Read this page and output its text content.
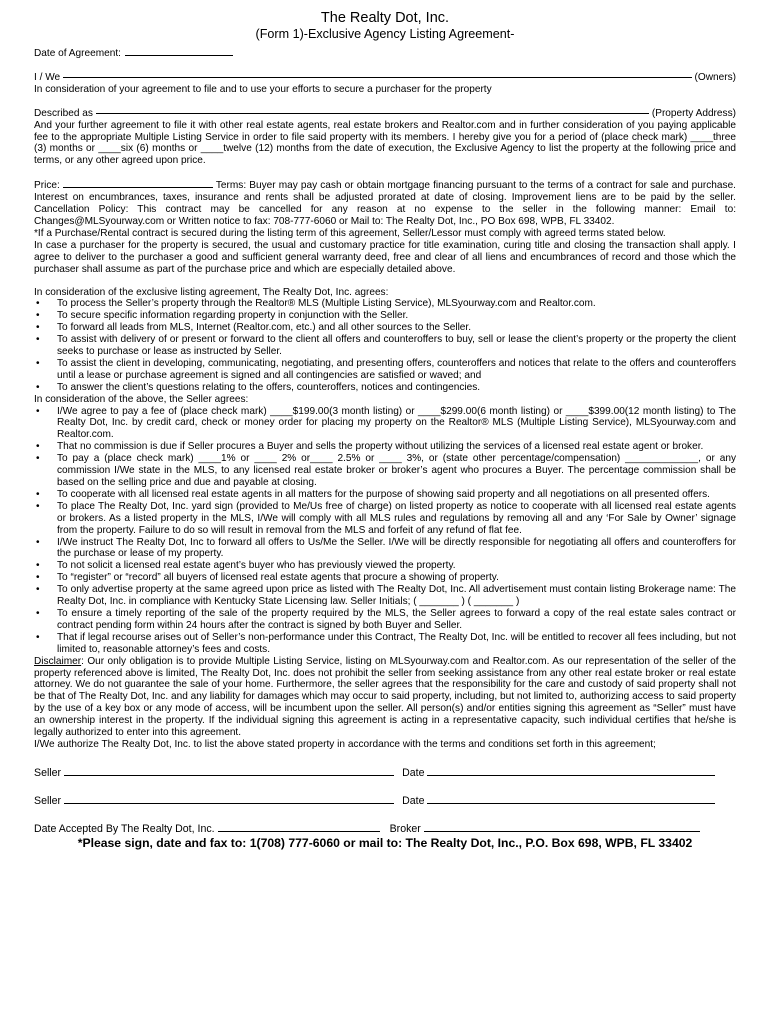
The Realty Dot, Inc.
(Form 1)-Exclusive Agency Listing Agreement-
Date of Agreement:
I / We	(Owners)

In consideration of your agreement to file and to use your efforts to secure a purchaser for the property

Described as	(Property Address)

And your further agreement to file it with other real estate agents, real estate brokers and Realtor.com and in further consideration of you paying applicable fee to the appropriate Multiple Listing Service in order to file said property with its members. I hereby give you for a period of (place check mark) ____three (3) months or ____six (6) months or ____twelve (12) months from the date of execution, the Exclusive Agency to list the property at the following price and terms, or any other agreed upon price.

Price:	Terms: Buyer may pay cash or obtain mortgage financing pursuant to the terms of a contract for sale and purchase. Interest on encumbrances, taxes, insurance and rents shall be adjusted prorated at date of closing. Improvement liens are to be paid by the seller. Cancellation Policy: This contract may be cancelled for any reason at no expense to the seller in the following manner: Email to: Changes@MLSyourway.com or Written notice to fax: 708-777-6060 or Mail to: The Realty Dot, Inc., PO Box 698, WPB, FL 33402.

*If a Purchase/Rental contract is secured during the listing term of this agreement, Seller/Lessor must comply with agreed terms stated below.

In case a purchaser for the property is secured, the usual and customary practice for title examination, curing title and closing the transaction shall apply. I agree to deliver to the purchaser a good and sufficient general warranty deed, free and clear of all liens and encumbrances of record and those which the purchaser shall assume as part of the purchase price and which are especially detailed above.

In consideration of the exclusive listing agreement, The Realty Dot, Inc. agrees:

• To process the Seller’s property through the Realtor® MLS (Multiple Listing Service), MLSyourway.com and Realtor.com.
• To secure specific information regarding property in conjunction with the Seller.
• To forward all leads from MLS, Internet (Realtor.com, etc.) and all other sources to the Seller.
• To assist with delivery of or present or forward to the client all offers and counteroffers to buy, sell or lease the client’s property or the property the client seeks to purchase or lease as instructed by Seller.
• To assist the client in developing, communicating, negotiating, and presenting offers, counteroffers and notices that relate to the offers and counteroffers until a lease or purchase agreement is signed and all contingencies are satisfied or waved; and
• To answer the client’s questions relating to the offers, counteroffers, notices and contingencies.

In consideration of the above, the Seller agrees:

• I/We agree to pay a fee of (place check mark) ____$199.00(3 month listing) or ____$299.00(6 month listing) or ____$399.00(12 month listing) to The Realty Dot, Inc. by credit card, check or money order for placing my property on the Realtor® MLS (Multiple Listing Service), MLSyourway.com and Realtor.com.
• That no commission is due if Seller procures a Buyer and sells the property without utilizing the services of a licensed real estate agent or broker.
• To pay a (place check mark) ____1% or ____ 2% or____ 2.5% or ____ 3%, or (state other percentage/compensation) _____________, or any commission I/We state in the MLS, to any licensed real estate broker or broker’s agent who procures a Buyer. The percentage commission shall be based on the selling price and due and payable at closing.
• To cooperate with all licensed real estate agents in all matters for the purpose of showing said property and all negotiations on all presented offers.
• To place The Realty Dot, Inc. yard sign (provided to Me/Us free of charge) on listed property as notice to cooperate with all licensed real estate agents or brokers. As a listed property in the MLS, I/We will comply with all MLS rules and regulations by removing all and any ‘For Sale by Owner’ signage from the property. Failure to do so will result in removal from the MLS and forfeit of any refund of flat fee.
• I/We instruct The Realty Dot, Inc to forward all offers to Us/Me the Seller. I/We will be directly responsible for negotiating all offers and counteroffers for the purchase or lease of my property.
• To not solicit a licensed real estate agent’s buyer who has previously viewed the property.
• To “register” or “record” all buyers of licensed real estate agents that procure a showing of property.
• To only advertise property at the same agreed upon price as listed with The Realty Dot, Inc. All advertisement must contain listing Brokerage name: The Realty Dot, Inc. in compliance with Kentucky State Licensing law. Seller Initials; ( _______ ) ( _______ )
• To ensure a timely reporting of the sale of the property required by the MLS, the Seller agrees to forward a copy of the real estate sales contract or contract pending form within 24 hours after the contract is signed by both Buyer and Seller.
• That if legal recourse arises out of Seller’s non-performance under this Contract, The Realty Dot, Inc. will be entitled to recover all fees including, but not limited to, reasonable attorney’s fees and costs.

Disclaimer: Our only obligation is to provide Multiple Listing Service, listing on MLSyourway.com and Realtor.com. As our representation of the seller of the property referenced above is limited, The Realty Dot, Inc. does not prohibit the seller from seeking assistance from any other real estate broker or real estate attorney. We do not guarantee the sale of your home. Furthermore, the seller agrees that the responsibility for the care and custody of said property shall not be that of The Realty Dot, Inc. and any liability for damages which may occur to said property, including, but not limited to, authorizing access to said property by the use of a key box or any mode of access, will be incumbent upon the seller. All person(s) and/or entities signing this agreement as “Seller” must have an ownership interest in the property. If the individual signing this agreement is acting in a representative capacity, such individual certifies that he/she is legally authorized to enter into this agreement.

I/We authorize The Realty Dot, Inc. to list the above stated property in accordance with the terms and conditions set forth in this agreement;

Seller	Date
Seller	Date
Date Accepted By The Realty Dot, Inc.	Broker

*Please sign, date and fax to: 1(708) 777-6060 or mail to: The Realty Dot, Inc., P.O. Box 698, WPB, FL 33402
